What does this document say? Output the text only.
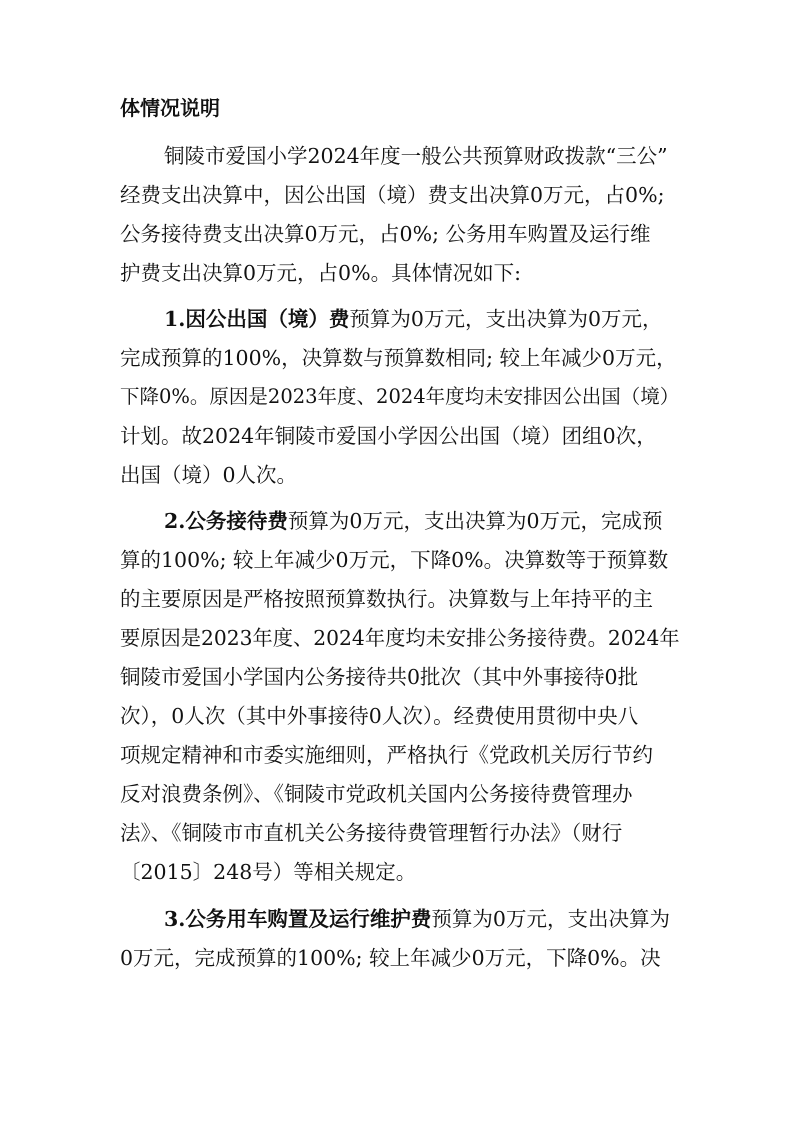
体情况说明

铜陵市爱国小学2024年度一般公共预算财政拨款“三公”

经费支出决算中，因公出国（境）费支出决算0万元，占0%;

公务接待费支出决算0万元，占0%; 公务用车购置及运行维

护费支出决算0万元，占0%。具体情况如下:

1.因公出国（境）费预算为0万元，支出决算为0万元，

完成预算的100%，决算数与预算数相同; 较上年减少0万元，

下降0%。原因是2023年度、2024年度均未安排因公出国（境）

计划。故2024年铜陵市爱国小学因公出国（境）团组0次，

出国（境）0人次。

2.公务接待费预算为0万元，支出决算为0万元，完成预

算的100%; 较上年减少0万元，下降0%。决算数等于预算数

的主要原因是严格按照预算数执行。决算数与上年持平的主

要原因是2023年度、2024年度均未安排公务接待费。2024年

铜陵市爱国小学国内公务接待共0批次（其中外事接待0批

次），0人次（其中外事接待0人次）。经费使用贯彻中央八

项规定精神和市委实施细则，严格执行《党政机关厉行节约

反对浪费条例》、《铜陵市党政机关国内公务接待费管理办

法》、《铜陵市市直机关公务接待费管理暂行办法》（财行

〔2015〕248号）等相关规定。

3.公务用车购置及运行维护费预算为0万元，支出决算为

0万元，完成预算的100%; 较上年减少0万元，下降0%。决
